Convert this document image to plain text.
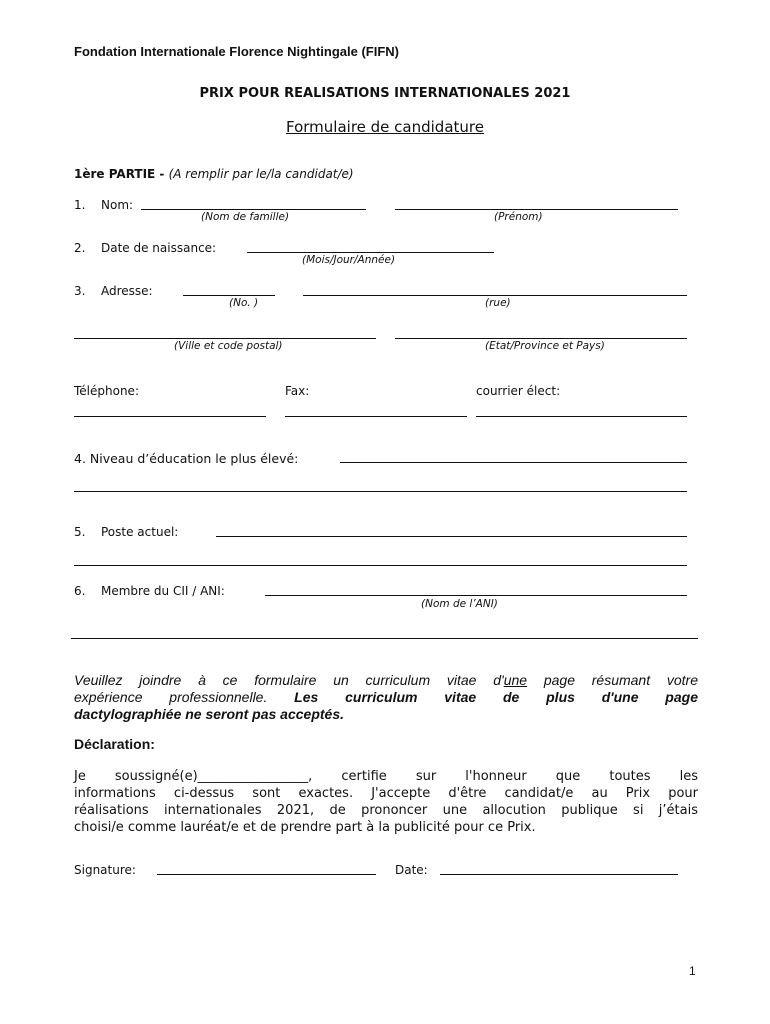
Fondation Internationale Florence Nightingale (FIFN)
PRIX POUR REALISATIONS INTERNATIONALES 2021
Formulaire de candidature
1ère PARTIE - (A remplir par le/la candidat/e)
1. Nom:
(Nom de famille)	(Prénom)
2. Date de naissance:
(Mois/Jour/Année)
3. Adresse:
(No. )	(rue)
(Ville et code postal)	(Etat/Province et Pays)
Téléphone:	Fax:	courrier élect:
4. Niveau d’éducation le plus élevé:
5. Poste actuel:
6. Membre du CII / ANI:
(Nom de l’ANI)
Veuillez joindre à ce formulaire un curriculum vitae d'une page résumant votre
expérience professionnelle. Les curriculum vitae de plus d'une page
dactylographiée ne seront pas acceptés.
Déclaration:
Je soussigné(e)_________________, certifie sur l'honneur que toutes les
informations ci-dessus sont exactes. J'accepte d'être candidat/e au Prix pour
réalisations internationales 2021, de prononcer une allocution publique si j’étais
choisi/e comme lauréat/e et de prendre part à la publicité pour ce Prix.
Signature:	Date:
1
